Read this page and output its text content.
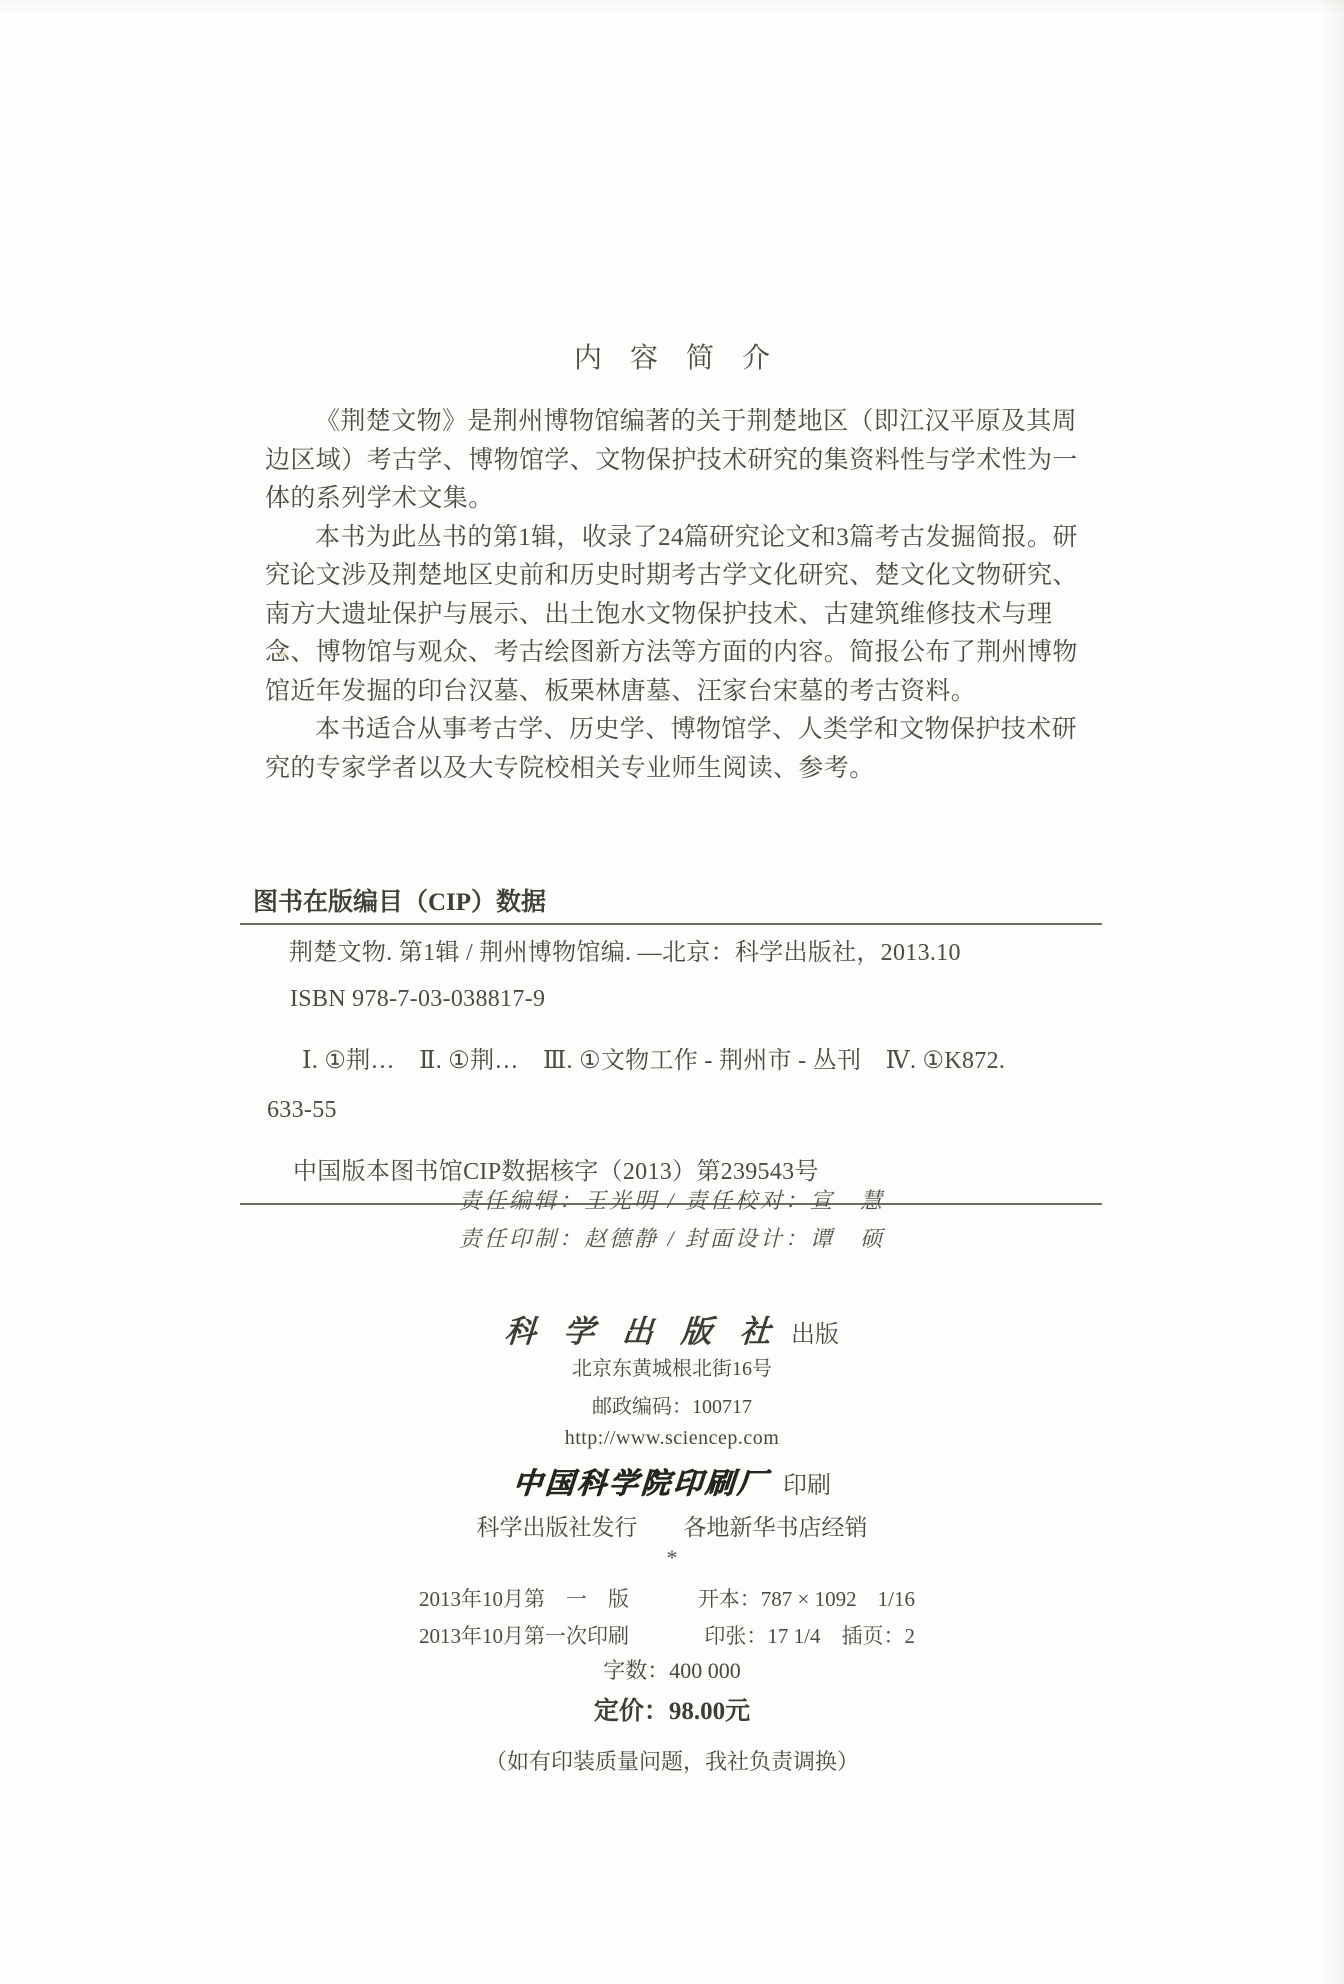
内　容　简　介
《荆楚文物》是荆州博物馆编著的关于荆楚地区（即江汉平原及其周
边区域）考古学、博物馆学、文物保护技术研究的集资料性与学术性为一
体的系列学术文集。
本书为此丛书的第1辑，收录了24篇研究论文和3篇考古发掘简报。研
究论文涉及荆楚地区史前和历史时期考古学文化研究、楚文化文物研究、
南方大遗址保护与展示、出土饱水文物保护技术、古建筑维修技术与理
念、博物馆与观众、考古绘图新方法等方面的内容。简报公布了荆州博物
馆近年发掘的印台汉墓、板栗林唐墓、汪家台宋墓的考古资料。
本书适合从事考古学、历史学、博物馆学、人类学和文物保护技术研
究的专家学者以及大专院校相关专业师生阅读、参考。
图书在版编目（CIP）数据
荆楚文物. 第1辑 / 荆州博物馆编. —北京：科学出版社，2013.10
ISBN 978-7-03-038817-9
Ⅰ. ①荆…　Ⅱ. ①荆…　Ⅲ. ①文物工作 - 荆州市 - 丛刊　Ⅳ. ①K872.
633-55
中国版本图书馆CIP数据核字（2013）第239543号
责任编辑：王光明 / 责任校对：宣　慧
责任印制：赵德静 / 封面设计：谭　硕
科 学 出 版 社 出版
北京东黄城根北街16号
邮政编码：100717
http://www.sciencep.com
中国科学院印刷厂 印刷
科学出版社发行　　各地新华书店经销
*
2013年10月第　一　版	开本：787 × 1092　1/16
2013年10月第一次印刷	印张：17 1/4　插页：2
字数：400 000
定价：98.00元
（如有印装质量问题，我社负责调换）
